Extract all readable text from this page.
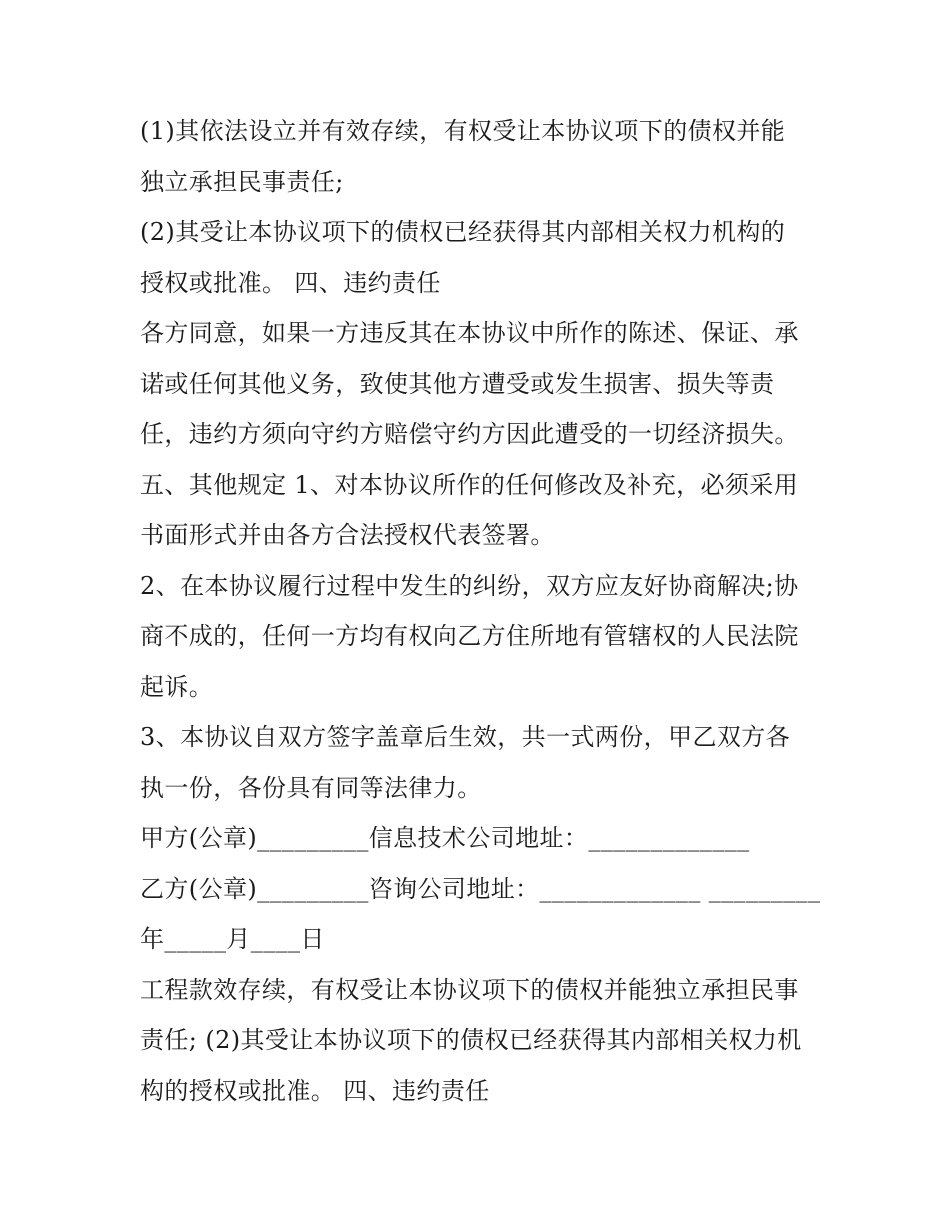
(1)其依法设立并有效存续，有权受让本协议项下的债权并能
独立承担民事责任;
(2)其受让本协议项下的债权已经获得其内部相关权力机构的
授权或批准。 四、违约责任
各方同意，如果一方违反其在本协议中所作的陈述、保证、承
诺或任何其他义务，致使其他方遭受或发生损害、损失等责
任，违约方须向守约方赔偿守约方因此遭受的一切经济损失。
五、其他规定 1、对本协议所作的任何修改及补充，必须采用
书面形式并由各方合法授权代表签署。
2、在本协议履行过程中发生的纠纷，双方应友好协商解决;协
商不成的，任何一方均有权向乙方住所地有管辖权的人民法院
起诉。
3、本协议自双方签字盖章后生效，共一式两份，甲乙双方各
执一份，各份具有同等法律力。
甲方(公章)_________信息技术公司地址：_____________
乙方(公章)_________咨询公司地址：_____________ _________
年_____月____日
工程款效存续，有权受让本协议项下的债权并能独立承担民事
责任; (2)其受让本协议项下的债权已经获得其内部相关权力机
构的授权或批准。 四、违约责任
